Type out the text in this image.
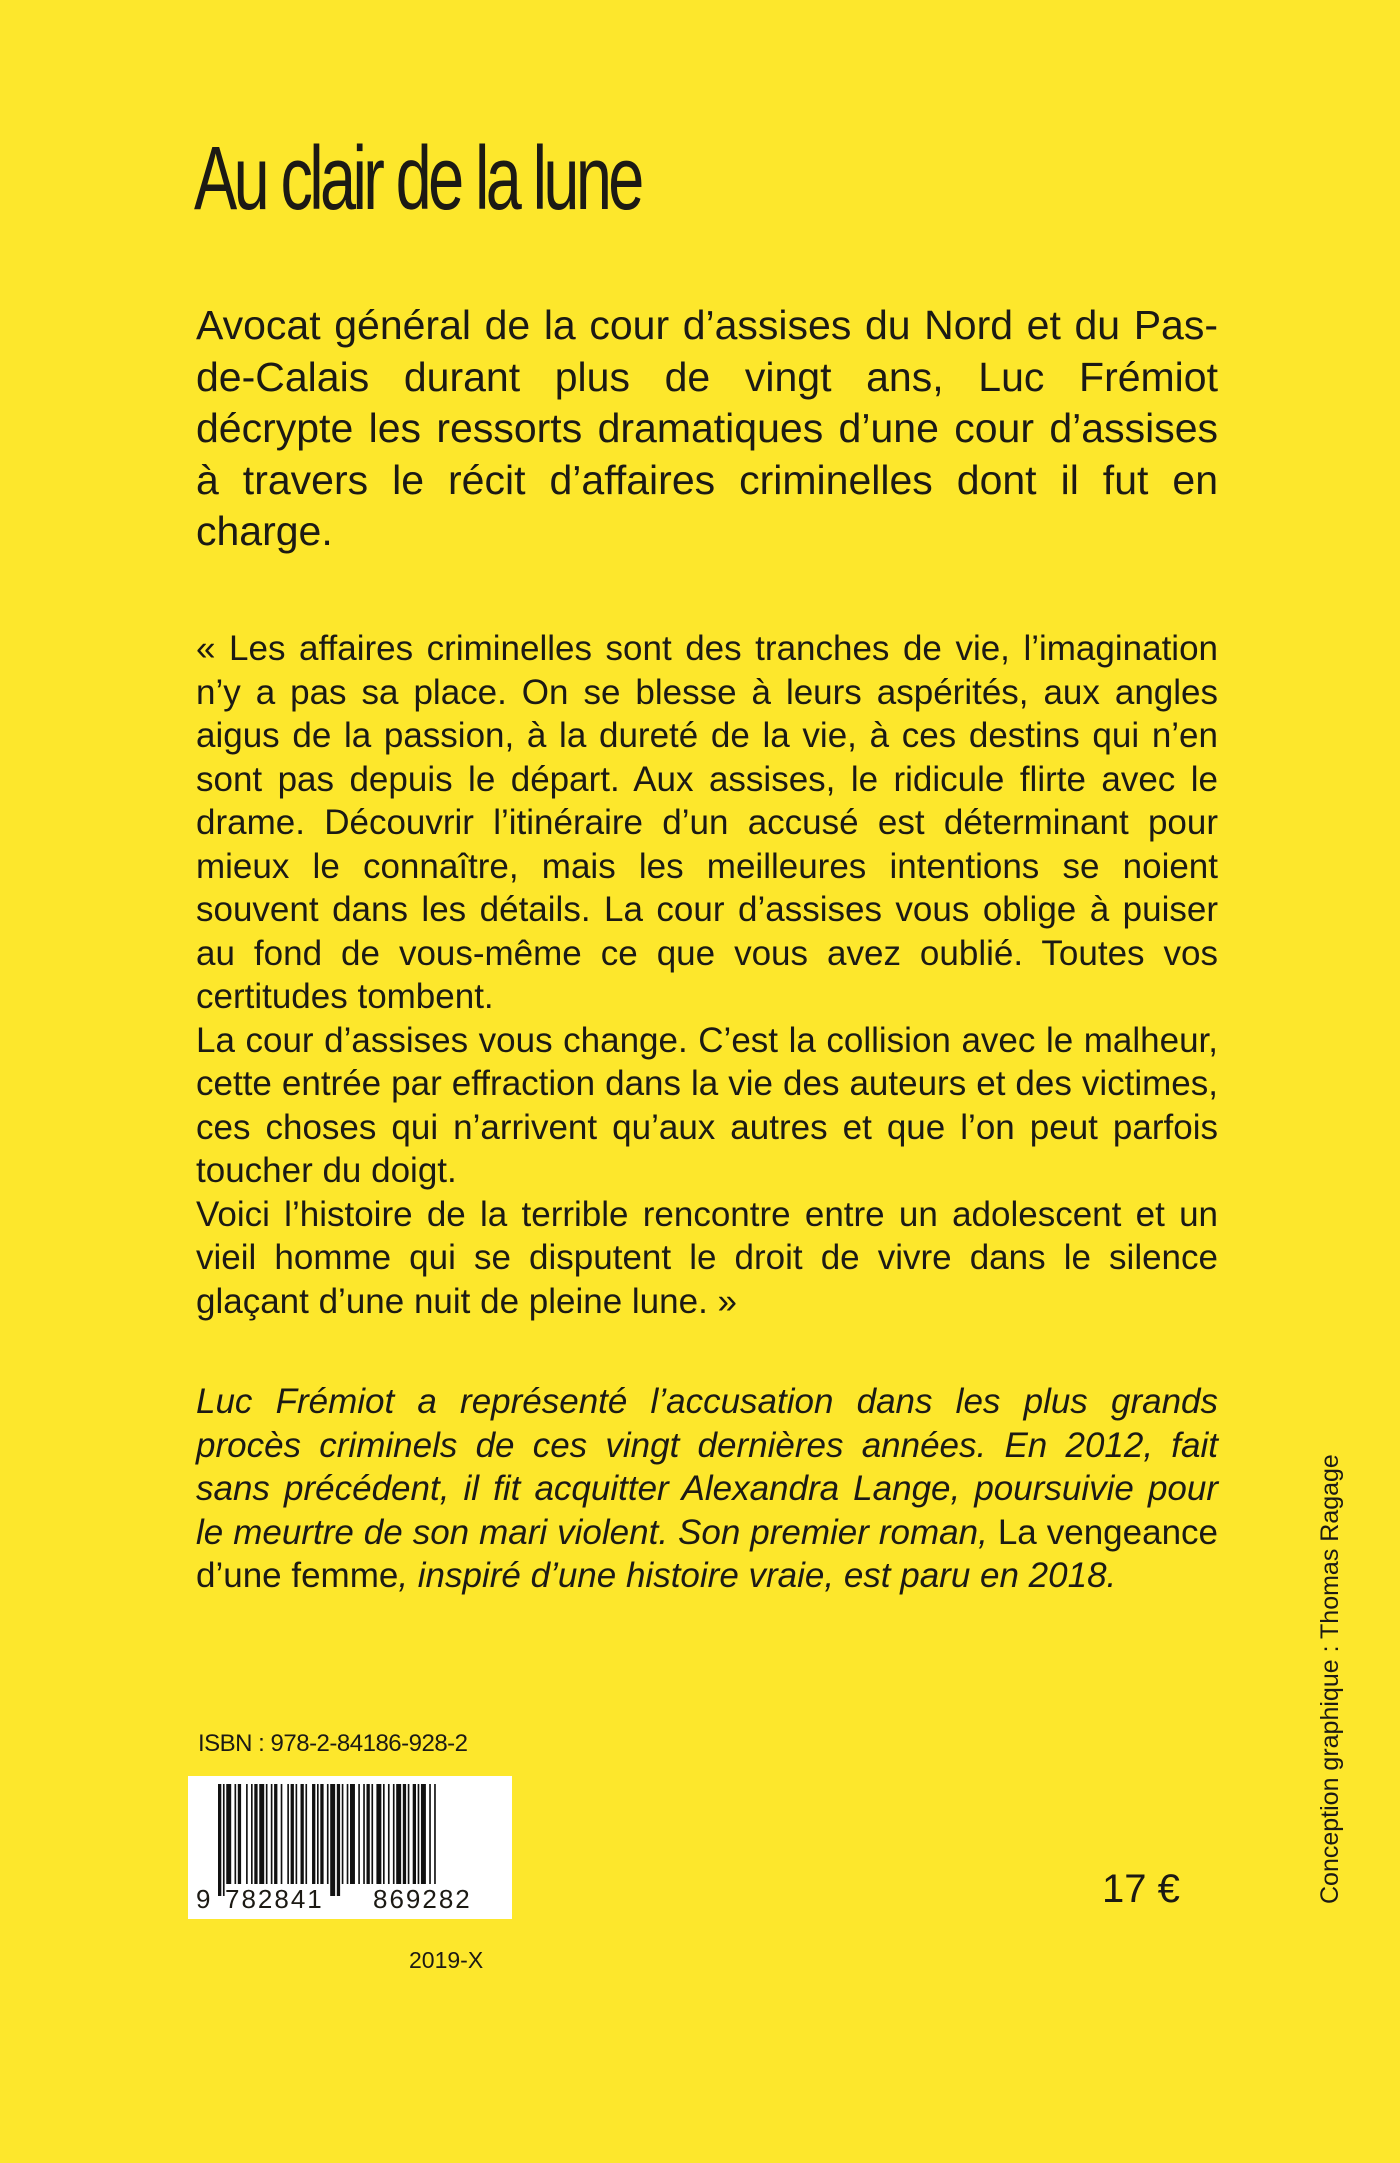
Au clair de la lune

Avocat général de la cour d’assises du Nord et du Pas-de-Calais durant plus de vingt ans, Luc Frémiot décrypte les ressorts dramatiques d’une cour d’assises à travers le récit d’affaires criminelles dont il fut en charge.

« Les affaires criminelles sont des tranches de vie, l’imagination n’y a pas sa place. On se blesse à leurs aspérités, aux angles aigus de la passion, à la dureté de la vie, à ces destins qui n’en sont pas depuis le départ. Aux assises, le ridicule flirte avec le drame. Découvrir l’itinéraire d’un accusé est déterminant pour mieux le connaître, mais les meilleures intentions se noient souvent dans les détails. La cour d’assises vous oblige à puiser au fond de vous-même ce que vous avez oublié. Toutes vos certitudes tombent.

La cour d’assises vous change. C’est la collision avec le malheur, cette entrée par effraction dans la vie des auteurs et des victimes, ces choses qui n’arrivent qu’aux autres et que l’on peut parfois toucher du doigt.

Voici l’histoire de la terrible rencontre entre un adolescent et un vieil homme qui se disputent le droit de vivre dans le silence glaçant d’une nuit de pleine lune. »

Luc Frémiot a représenté l’accusation dans les plus grands procès criminels de ces vingt dernières années. En 2012, fait sans précédent, il fit acquitter Alexandra Lange, poursuivie pour le meurtre de son mari violent. Son premier roman, La vengeance d’une femme, inspiré d’une histoire vraie, est paru en 2018.

ISBN : 978-2-84186-928-2
9 782841 869282	17 €
2019-X
Conception graphique : Thomas Ragage
